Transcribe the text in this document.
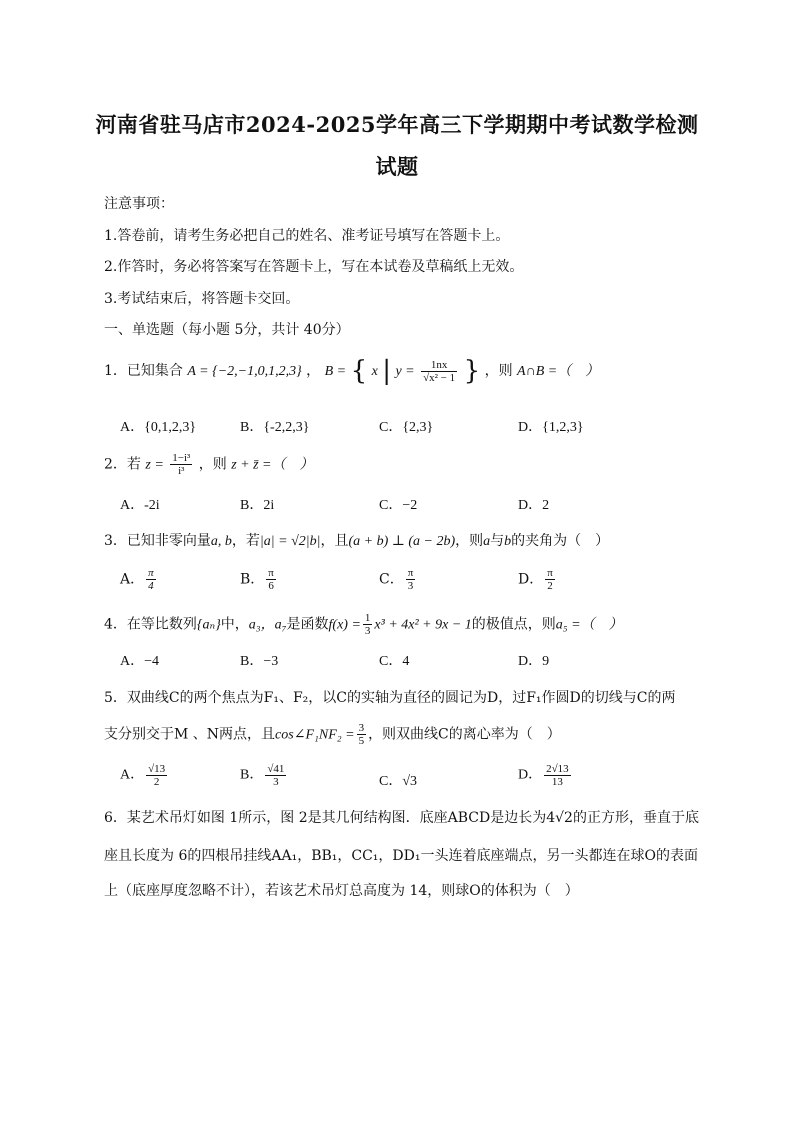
河南省驻马店市2024-2025学年高三下学期期中考试数学检测
试题
注意事项：
1.答卷前，请考生务必把自己的姓名、准考证号填写在答题卡上。
2.作答时，务必将答案写在答题卡上，写在本试卷及草稿纸上无效。
3.考试结束后，将答题卡交回。
一、单选题（每小题 5分，共计 40分）
1．已知集合 A = {−2,−1,0,1,2,3} ， B = { x | $y = \frac{1nx}{\text{√x² − 1}}$ } ，则 A∩B =（　）
A．{0,1,2,3}	B．{-2,2,3}	C．{2,3}	D．{1,2,3}
2．若 $z = \frac{\text{1−i³}}{\text{i³}}$ ，则 z + z̄ =（　）
A．-2i	B．2i	C．−2	D．2
3．已知非零向量a, b，若|a| = √2|b|，且(a + b) ⊥ (a − 2b)，则a与b的夹角为（　）
A． $\frac{\pi}{4}$	B． $\frac{\pi}{6}$	C． $\frac{\pi}{3}$	D． $\frac{\pi}{2}$
4．在等比数列{aₙ}中，a₃，a₇是函数$f(x) = \frac{1}{3} x^3 + 4x^2 + 9x - 1$的极值点，则a₅ =（　）
A．−4	B．−3	C．4	D．9
5．双曲线C的两个焦点为F₁、F₂，以C的实轴为直径的圆记为D，过F₁作圆D的切线与C的两
支分别交于M 、N两点，且cos∠F₁NF₂ = $\frac{3}{5}$ ，则双曲线C的离心率为（　）
A． $\frac{√13}{2}$	B． $\frac{√41}{3}$	C．√3	D． $\frac{2√13}{13}$
6．某艺术吊灯如图 1所示，图 2是其几何结构图．底座ABCD是边长为4√2的正方形，垂直于底
座且长度为 6的四根吊挂线AA₁，BB₁，CC₁，DD₁一头连着底座端点，另一头都连在球O的表面
上（底座厚度忽略不计），若该艺术吊灯总高度为 14，则球O的体积为（　）
